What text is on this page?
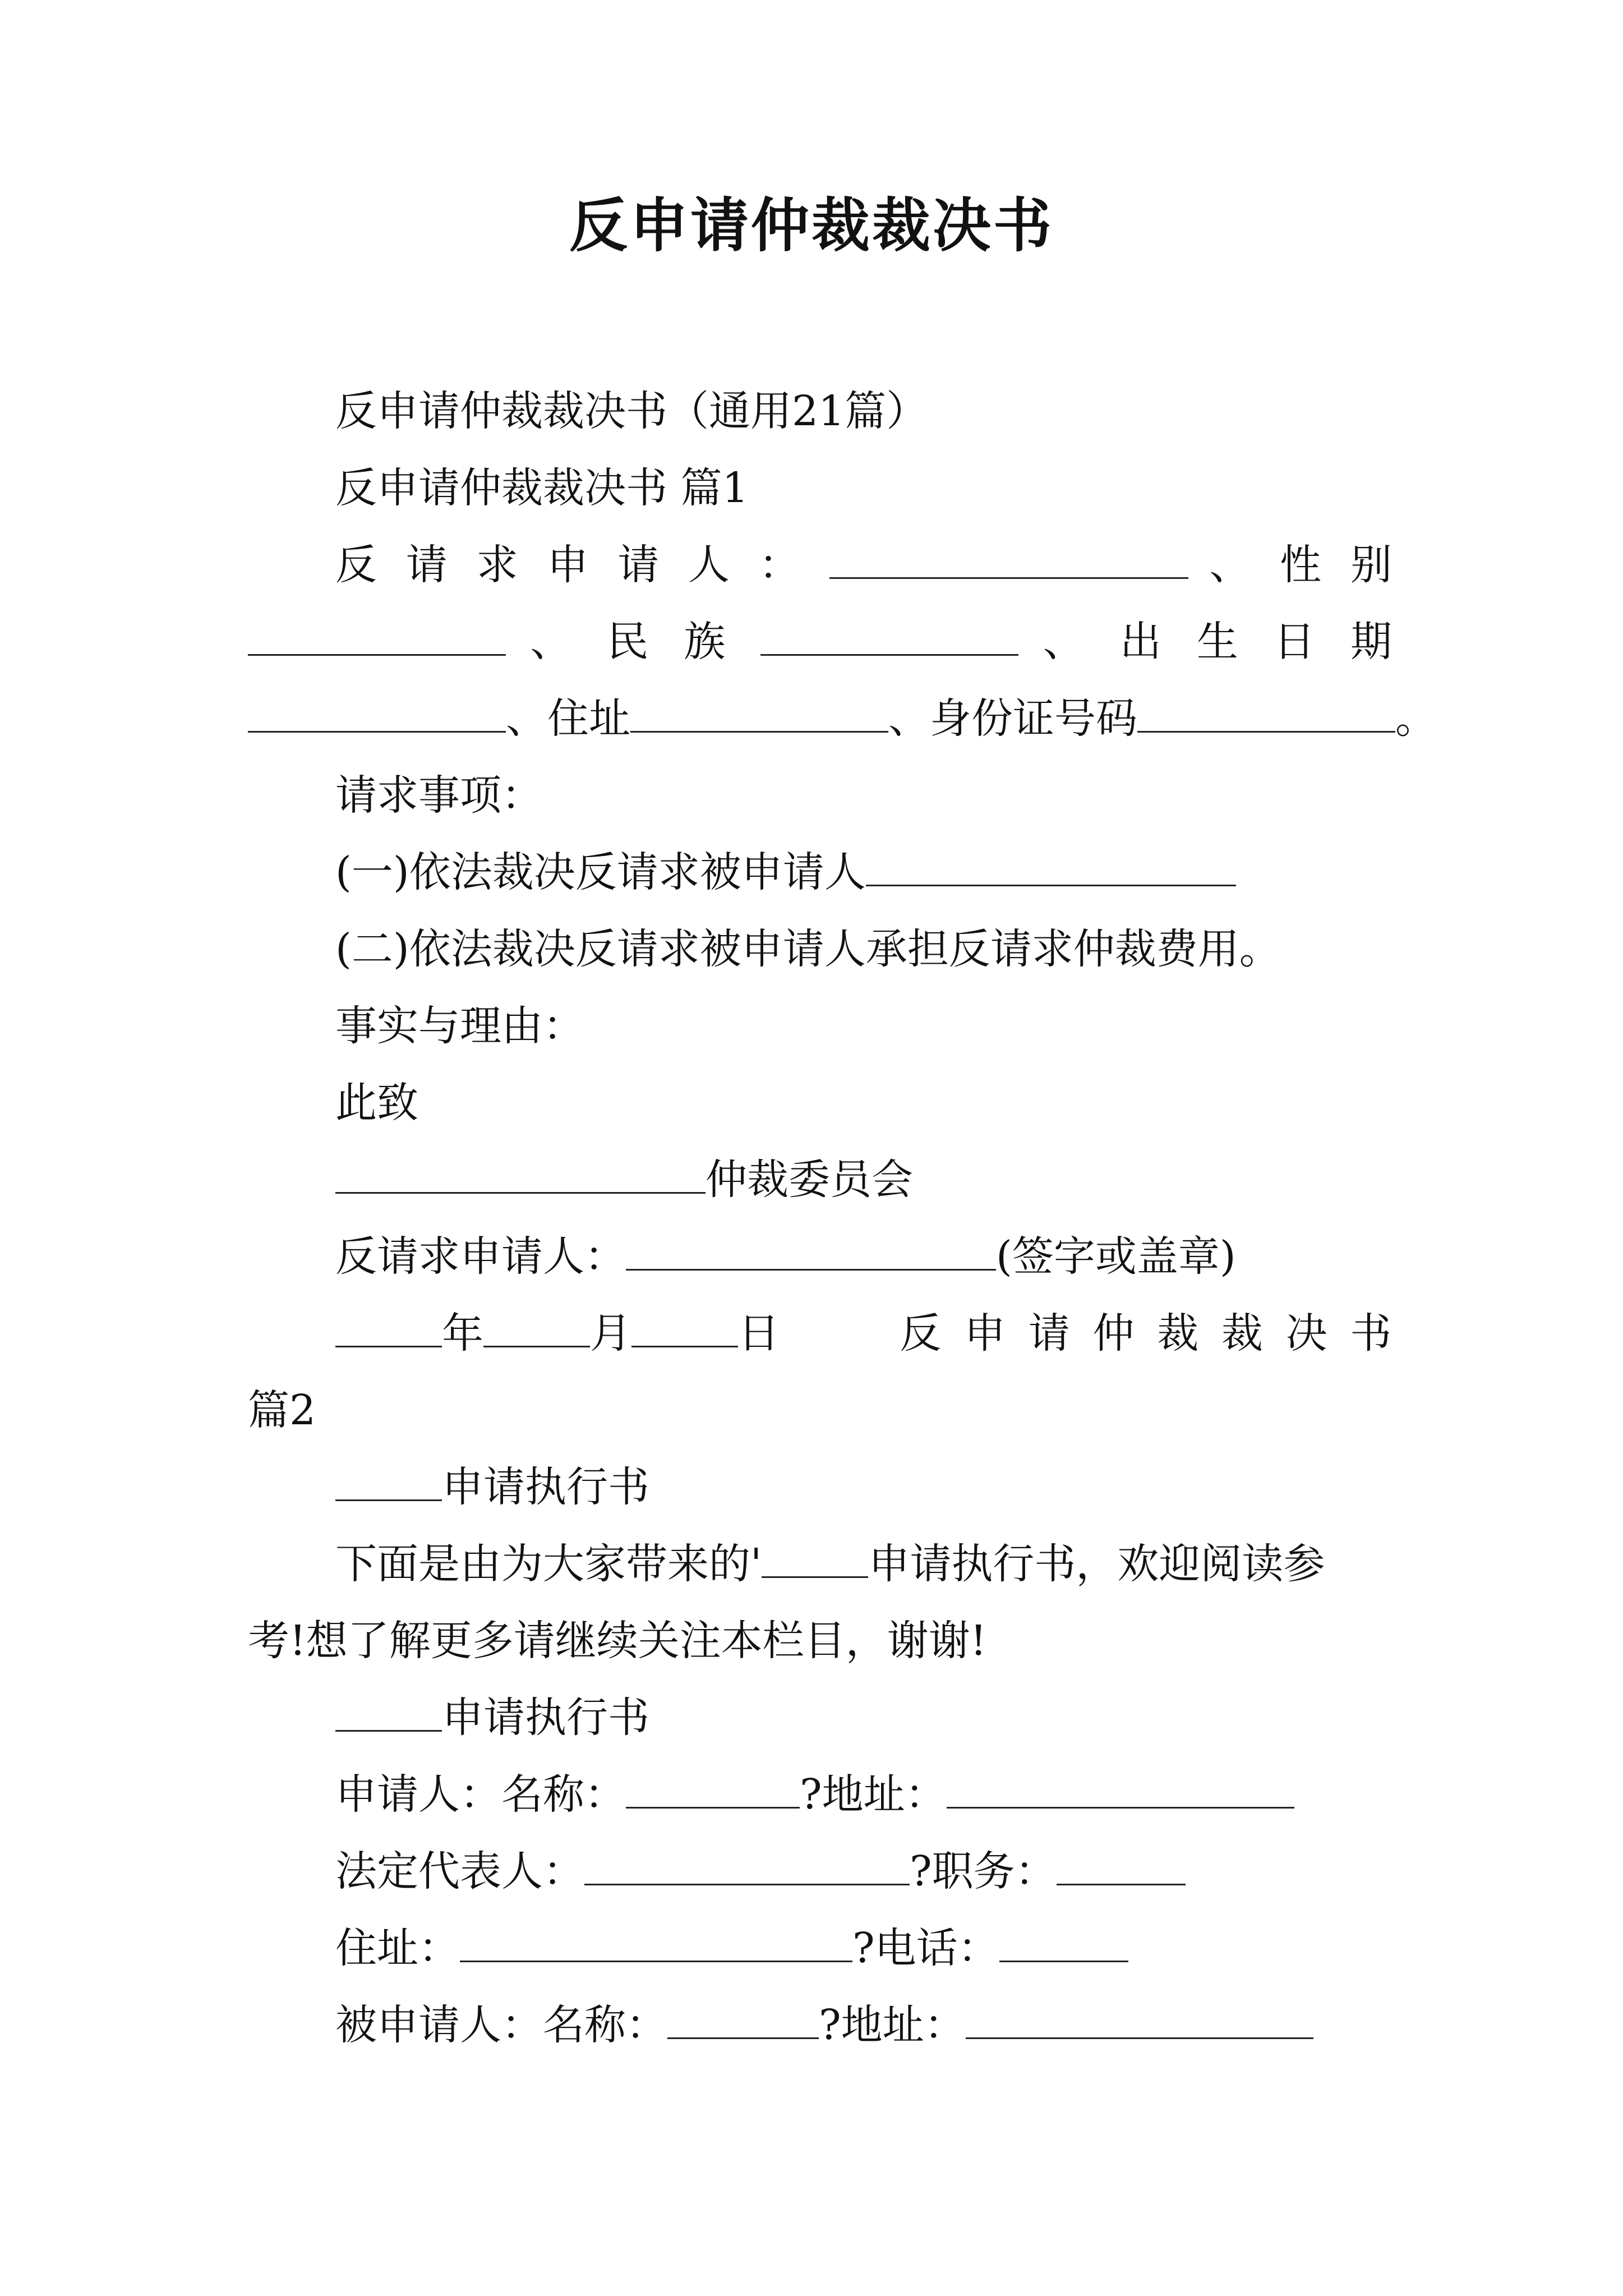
反申请仲裁裁决书

反申请仲裁裁决书（通用21篇）

反申请仲裁裁决书 篇1

反 请 求 申 请 人 ：	、 性 别

、 民 族	、 出 生 日 期

、住址	、身份证号码	。

请求事项：

(一)依法裁决反请求被申请人

(二)依法裁决反请求被申请人承担反请求仲裁费用。

事实与理由：

此致

仲裁委员会

反请求申请人：	(签字或盖章)

年	月	日	反申请仲裁裁决书

篇2

申请执行书

下面是由为大家带来的'	申请执行书，欢迎阅读参

考!想了解更多请继续关注本栏目，谢谢!

申请执行书

申请人：名称：	?地址：

法定代表人：	?职务：

住址：	?电话：

被申请人：名称：	?地址：
